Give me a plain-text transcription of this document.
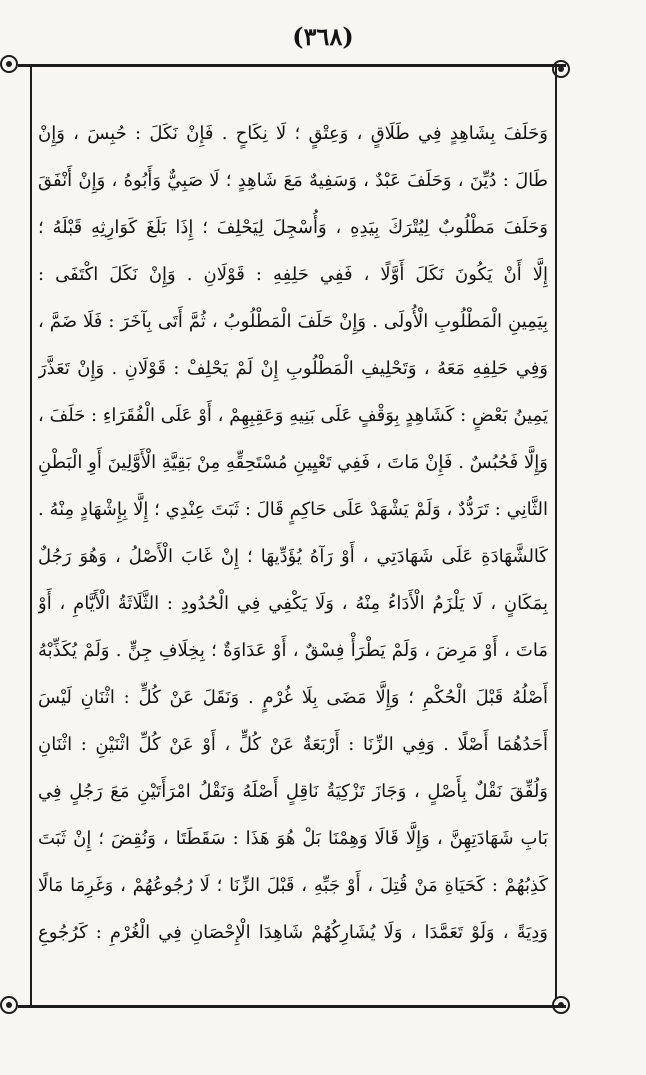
(٣٦٨)
وَحَلَفَ بِشَاهِدٍ فِي طَلَاقٍ ، وَعِتْقٍ ؛ لَا نِكَاحٍ . فَإِنْ نَكَلَ : حُبِسَ ، وَإِنْ
طَالَ : دُيِّنَ ، وَحَلَفَ عَبْدٌ ، وَسَفِيهٌ مَعَ شَاهِدٍ ؛ لَا صَبِيٌّ وَأَبُوهُ ، وَإِنْ أَنْفَقَ
وَحَلَفَ مَطْلُوبٌ لِيُتْرَكَ بِيَدِهِ ، وَأُسْجِلَ لِيَحْلِفَ ؛ إِذَا بَلَغَ كَوَارِثِهِ قَبْلَهُ ؛
إِلَّا أَنْ يَكُونَ نَكَلَ أَوَّلًا ، فَفِي حَلِفِهِ : قَوْلَانِ . وَإِنْ نَكَلَ اكْتَفَى :
بِيَمِينِ الْمَطْلُوبِ الْأُولَى . وَإِنْ حَلَفَ الْمَطْلُوبُ ، ثُمَّ أَتَى بِآخَرَ : فَلَا ضَمَّ ،
وَفِي حَلِفِهِ مَعَهُ ، وَتَحْلِيفِ الْمَطْلُوبِ إِنْ لَمْ يَحْلِفْ : قَوْلَانِ . وَإِنْ تَعَذَّرَ
يَمِينُ بَعْضٍ : كَشَاهِدٍ بِوَقْفٍ عَلَى بَنِيهِ وَعَقِبِهِمْ ، أَوْ عَلَى الْفُقَرَاءِ : حَلَفَ ،
وَإِلَّا فَحُبُسٌ . فَإِنْ مَاتَ ، فَفِي تَعْيِينِ مُسْتَحِقِّهِ مِنْ بَقِيَّةِ الْأَوَّلِينَ أَوِ الْبَطْنِ
الثَّانِي : تَرَدُّدٌ ، وَلَمْ يَشْهَدْ عَلَى حَاكِمٍ قَالَ : ثَبَتَ عِنْدِي ؛ إِلَّا بِإِشْهَادٍ مِنْهُ .
كَالشَّهَادَةِ عَلَى شَهَادَتِي ، أَوْ رَآهُ يُؤَدِّيهَا ؛ إِنْ غَابَ الْأَصْلُ ، وَهُوَ رَجُلٌ
بِمَكَانٍ ، لَا يَلْزَمُ الْأَدَاءُ مِنْهُ ، وَلَا يَكْفِي فِي الْحُدُودِ : الثَّلَاثَةُ الْأَيَّامِ ، أَوْ
مَاتَ ، أَوْ مَرِضَ ، وَلَمْ يَطْرَأْ فِسْقٌ ، أَوْ عَدَاوَةٌ ؛ بِخِلَافِ جِنٍّ . وَلَمْ يُكَذِّبْهُ
أَصْلُهُ قَبْلَ الْحُكْمِ ؛ وَإِلَّا مَضَى بِلَا غُرْمٍ . وَنَقَلَ عَنْ كُلٍّ : اثْنَانِ لَيْسَ
أَحَدُهُمَا أَصْلًا . وَفِي الزِّنَا : أَرْبَعَةٌ عَنْ كُلٍّ ، أَوْ عَنْ كُلِّ اثْنَيْنِ : اثْنَانِ
وَلُفِّقَ نَقْلٌ بِأَصْلٍ ، وَجَازَ تَزْكِيَةُ نَاقِلٍ أَصْلَهُ وَنَقْلُ امْرَأَتَيْنِ مَعَ رَجُلٍ فِي
بَابِ شَهَادَتِهِنَّ ، وَإِلَّا قَالَا وَهِمْنَا بَلْ هُوَ هَذَا : سَقَطَتَا ، وَنُقِضَ ؛ إِنْ ثَبَتَ
كَذِبُهُمْ : كَحَيَاةِ مَنْ قُتِلَ ، أَوْ جَبِّهِ ، قَبْلَ الزِّنَا ؛ لَا رُجُوعُهُمْ ، وَغَرِمَا مَالًا
وَدِيَةً ، وَلَوْ تَعَمَّدَا ، وَلَا يُشَارِكُهُمْ شَاهِدَا الْإِحْصَانِ فِي الْغُرْمِ : كَرُجُوعِ
